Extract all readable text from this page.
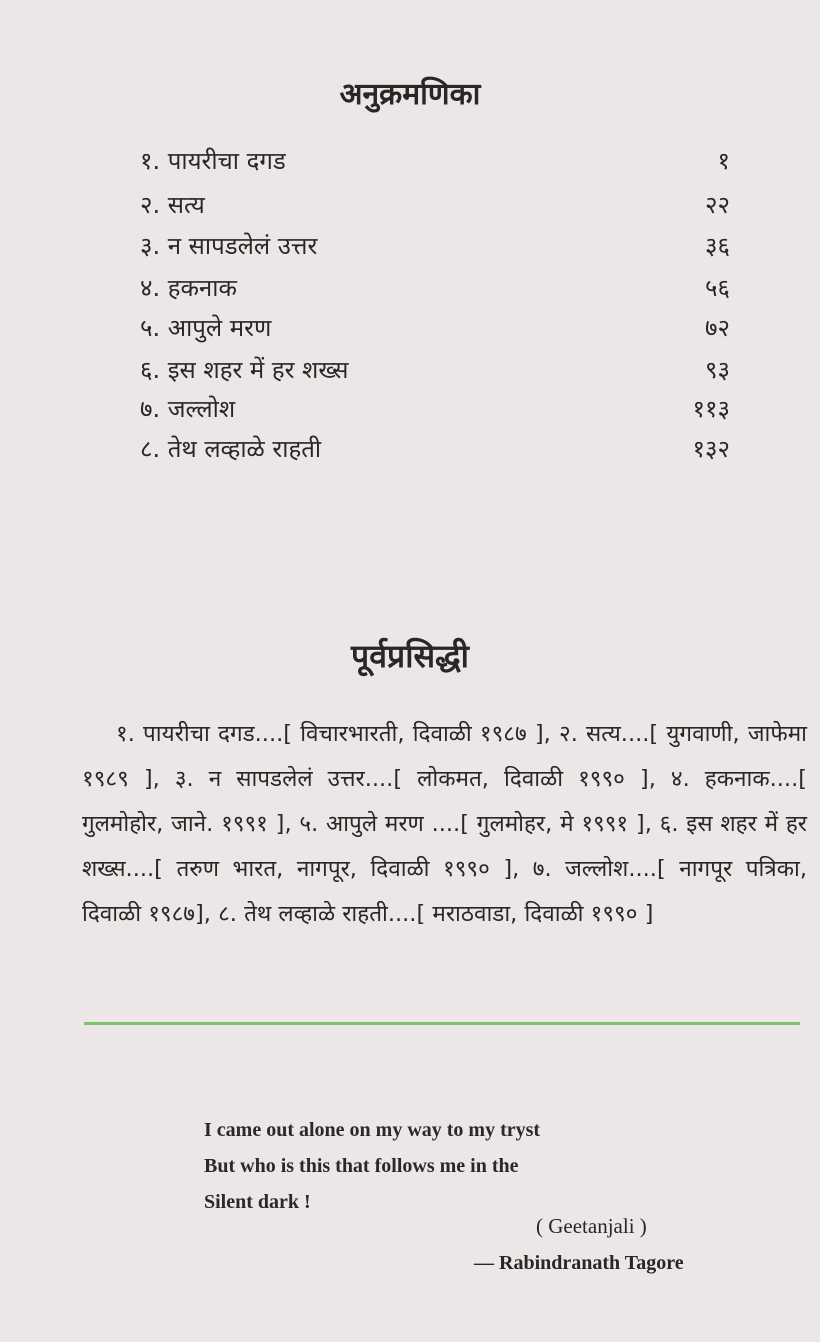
अनुक्रमणिका
१. पायरीचा दगड	१
२. सत्य	२२
३. न सापडलेलं उत्तर	३६
४. हकनाक	५६
५. आपुले मरण	७२
६. इस शहर में हर शख्स	९३
७. जल्लोश	११३
८. तेथ लव्हाळे राहती	१३२
पूर्वप्रसिद्धी
१. पायरीचा दगड....[ विचारभारती, दिवाळी १९८७ ], २. सत्य....[ युगवाणी, जाफेमा १९८९ ], ३. न सापडलेलं उत्तर....[ लोकमत, दिवाळी १९९० ], ४. हकनाक....[ गुलमोहोर, जाने. १९९१ ], ५. आपुले मरण ....[ गुलमोहर, मे १९९१ ], ६. इस शहर में हर शख्स....[ तरुण भारत, नागपूर, दिवाळी १९९० ], ७. जल्लोश....[ नागपूर पत्रिका, दिवाळी १९८७], ८. तेथ लव्हाळे राहती....[ मराठवाडा, दिवाळी १९९० ]
I came out alone on my way to my tryst
But who is this that follows me in the
Silent dark !
( Geetanjali )
— Rabindranath Tagore
